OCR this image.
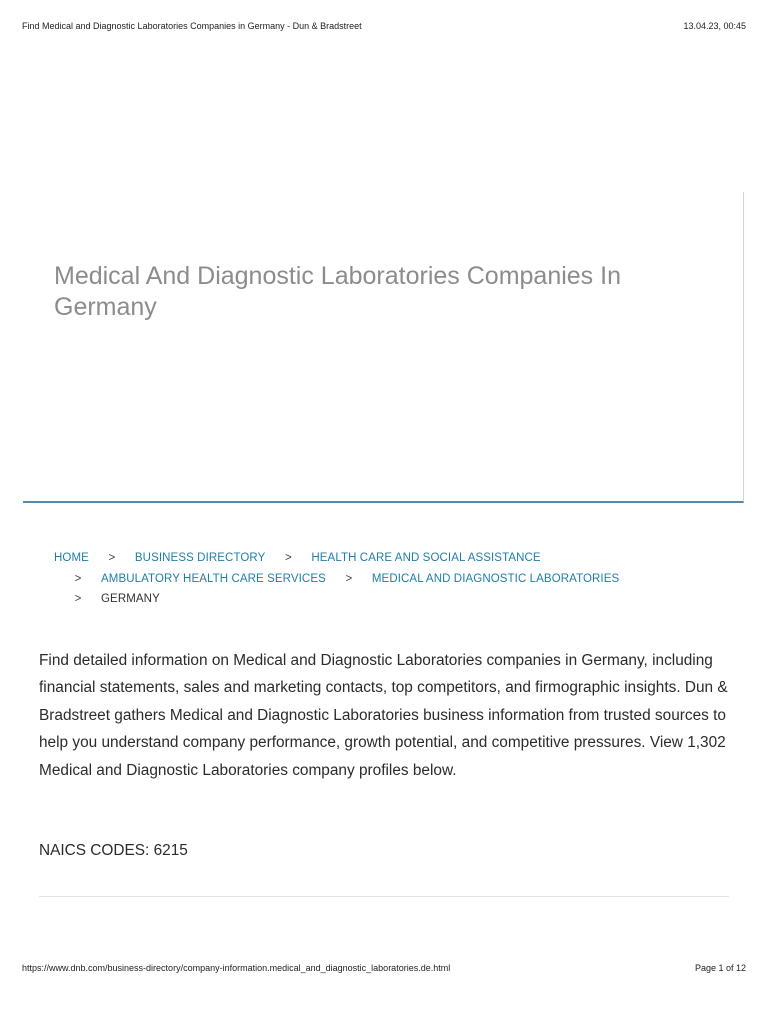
Find Medical and Diagnostic Laboratories Companies in Germany - Dun & Bradstreet	13.04.23, 00:45
Medical And Diagnostic Laboratories Companies In Germany
HOME	>	BUSINESS DIRECTORY	>	HEALTH CARE AND SOCIAL ASSISTANCE
>	AMBULATORY HEALTH CARE SERVICES	>	MEDICAL AND DIAGNOSTIC LABORATORIES
>	GERMANY

Find detailed information on Medical and Diagnostic Laboratories companies in Germany, including financial statements, sales and marketing contacts, top competitors, and firmographic insights. Dun & Bradstreet gathers Medical and Diagnostic Laboratories business information from trusted sources to help you understand company performance, growth potential, and competitive pressures. View 1,302 Medical and Diagnostic Laboratories company profiles below.

NAICS CODES: 6215

https://www.dnb.com/business-directory/company-information.medical_and_diagnostic_laboratories.de.html	Page 1 of 12
